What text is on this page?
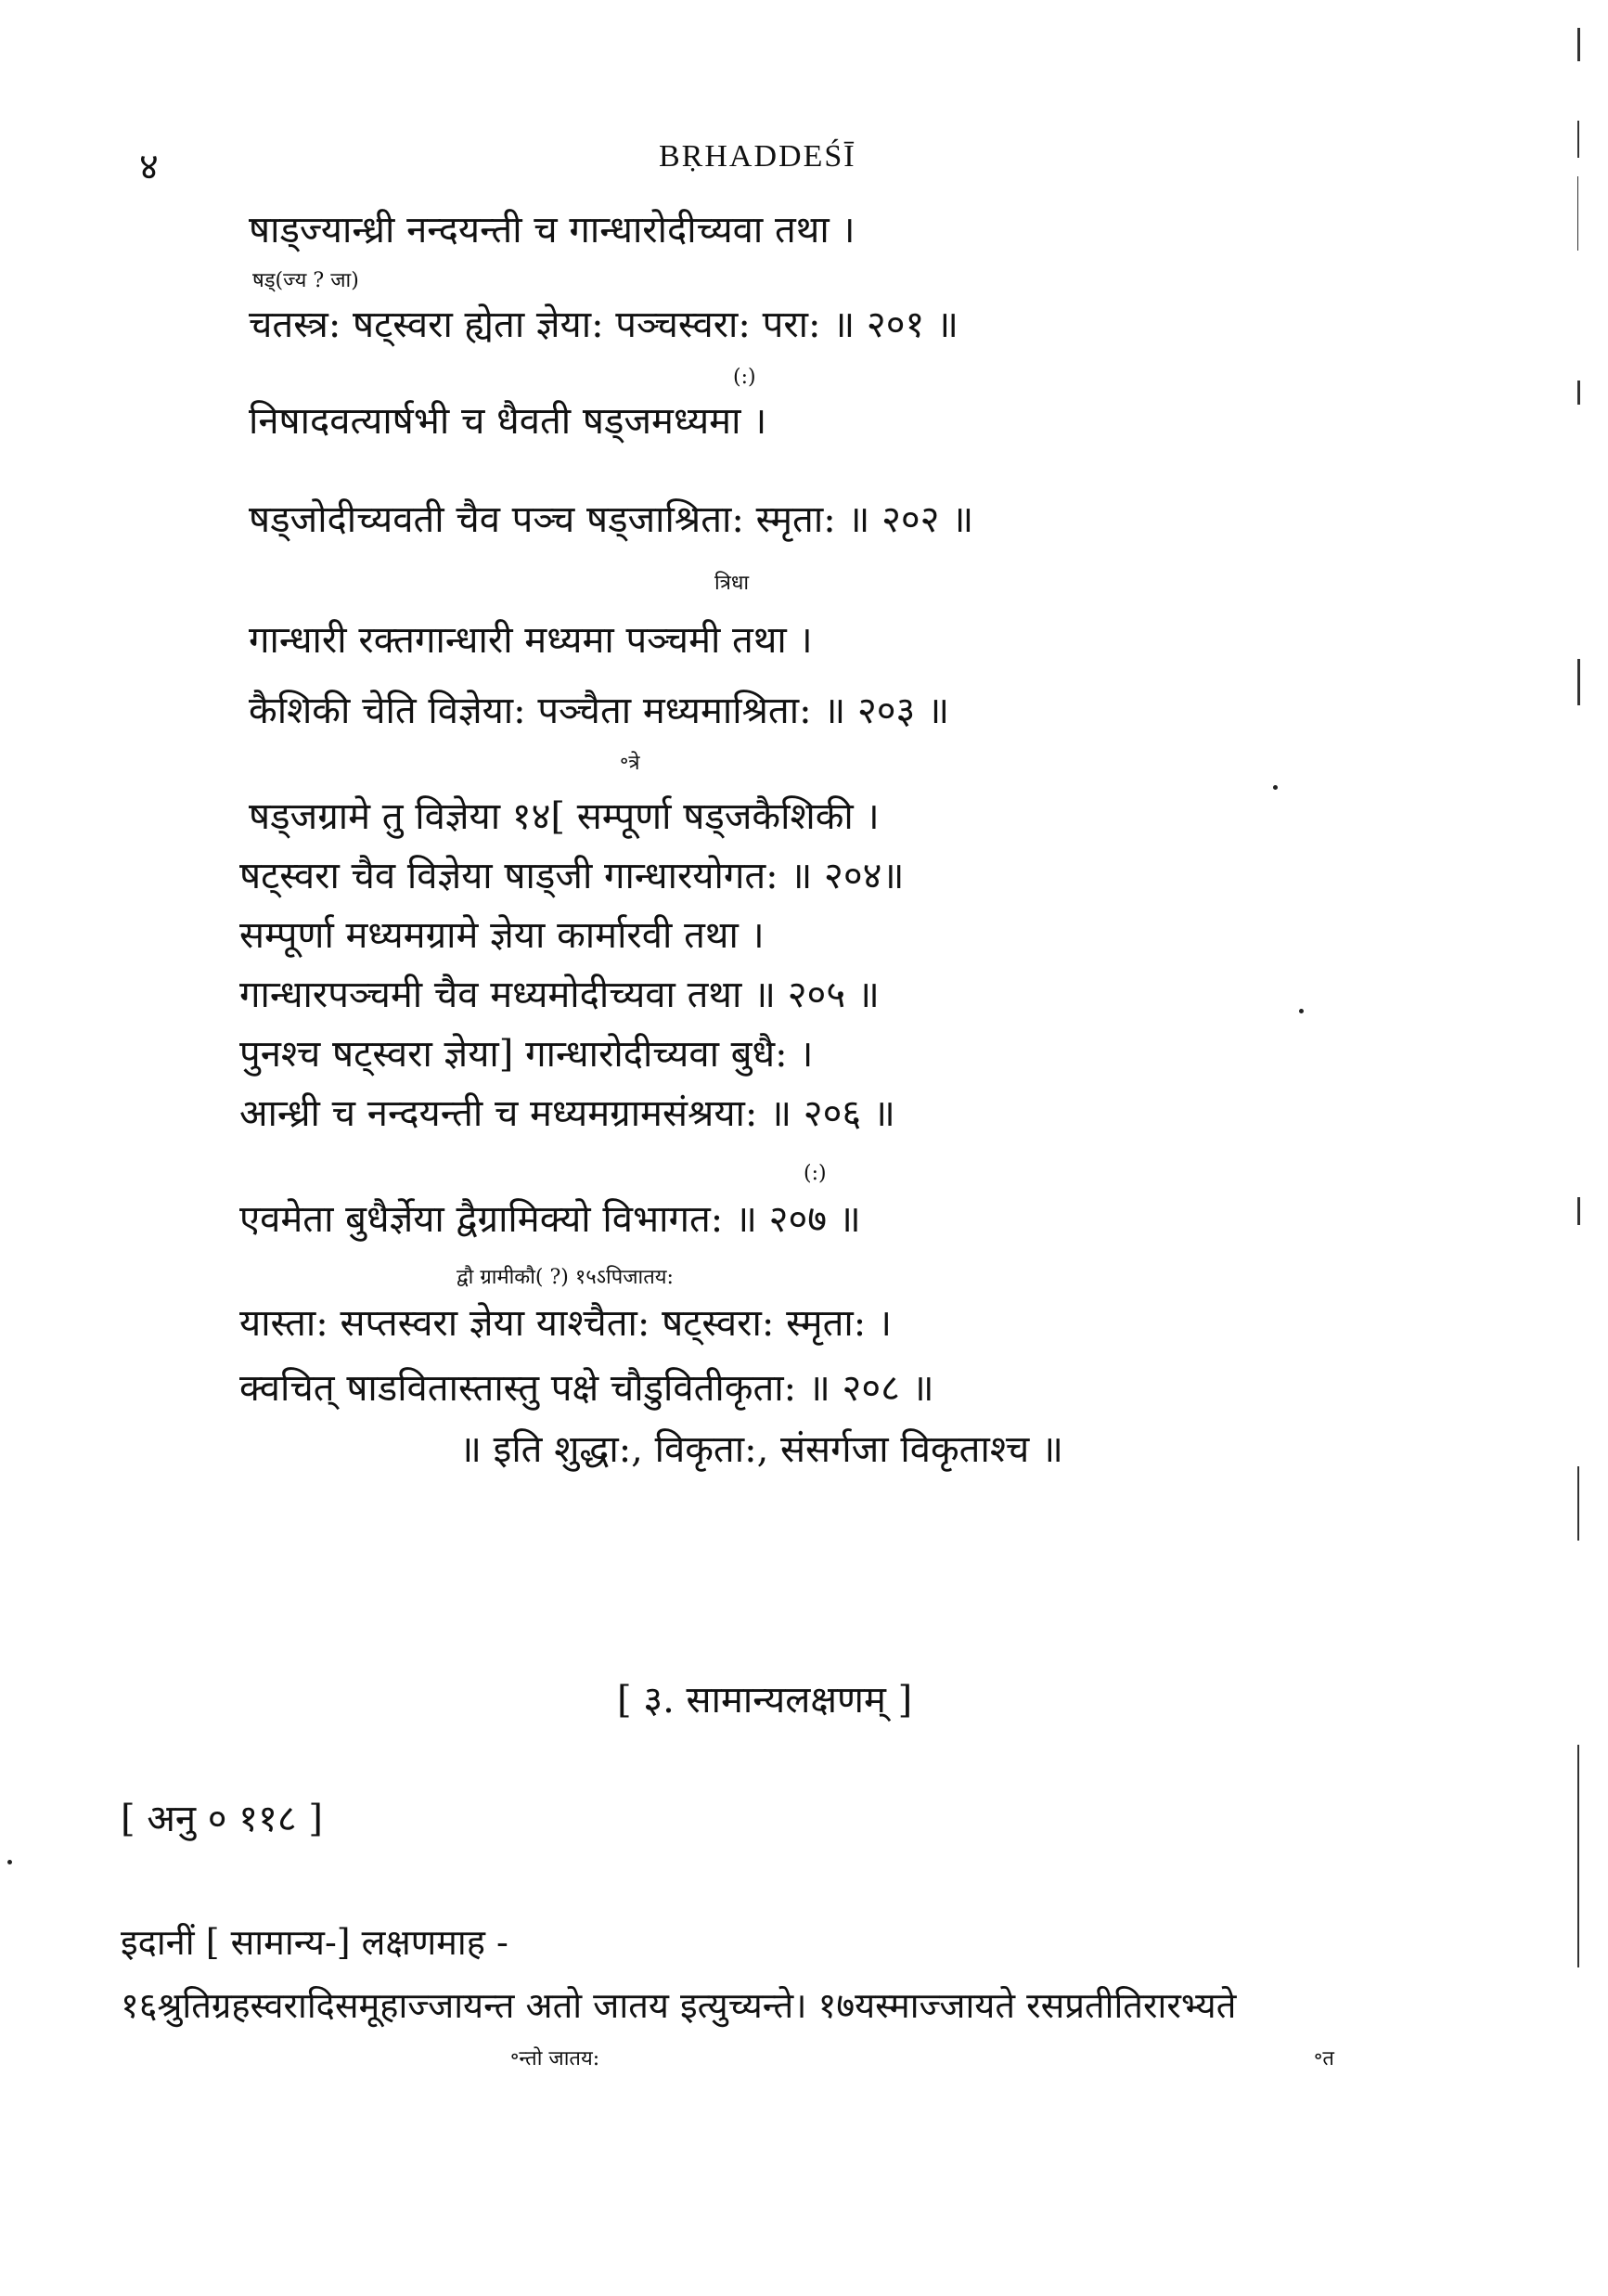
४	BṚHADDEŚĪ
षाड्ज्यान्ध्री नन्दयन्ती च गान्धारोदीच्यवा तथा ।
षड्(ज्य ? जा)
चतस्त्र: षट्स्वरा ह्येता ज्ञेया: पञ्चस्वरा: परा: ॥ २०१ ॥
(:)
निषादवत्यार्षभी च धैवती षड्जमध्यमा ।
षड्जोदीच्यवती चैव पञ्च षड्जाश्रिता: स्मृता: ॥ २०२ ॥
त्रिधा
गान्धारी रक्तगान्धारी मध्यमा पञ्चमी तथा ।
कैशिकी चेति विज्ञेया: पञ्चैता मध्यमाश्रिता: ॥ २०३ ॥
॰त्रे
षड्जग्रामे तु विज्ञेया १४[ सम्पूर्णा षड्जकैशिकी ।
षट्स्वरा चैव विज्ञेया षाड्जी गान्धारयोगत: ॥ २०४॥
सम्पूर्णा मध्यमग्रामे ज्ञेया कार्मारवी तथा ।
गान्धारपञ्चमी चैव मध्यमोदीच्यवा तथा ॥ २०५ ॥
पुनश्च षट्स्वरा ज्ञेया] गान्धारोदीच्यवा बुधै: ।
आन्ध्री च नन्दयन्ती च मध्यमग्रामसंश्रया: ॥ २०६ ॥
(:)
एवमेता बुधैर्ज्ञेया द्वैग्रामिक्यो विभागत: ॥ २०७ ॥
द्वौ ग्रामीकौ( ?) १५ऽपिजातय:
यास्ता: सप्तस्वरा ज्ञेया याश्चैता: षट्स्वरा: स्मृता: ।
क्वचित् षाडवितास्तास्तु पक्षे चौडुवितीकृता: ॥ २०८ ॥
॥ इति शुद्धा:, विकृता:, संसर्गजा विकृताश्च ॥
[ ३. सामान्यलक्षणम् ]
[ अनु ० ११८ ]
इदानीं [ सामान्य-] लक्षणमाह -
१६श्रुतिग्रहस्वरादिसमूहाज्जायन्त अतो जातय इत्युच्यन्ते। १७यस्माज्जायते रसप्रतीतिरारभ्यते
॰न्तो जातय:	॰त
